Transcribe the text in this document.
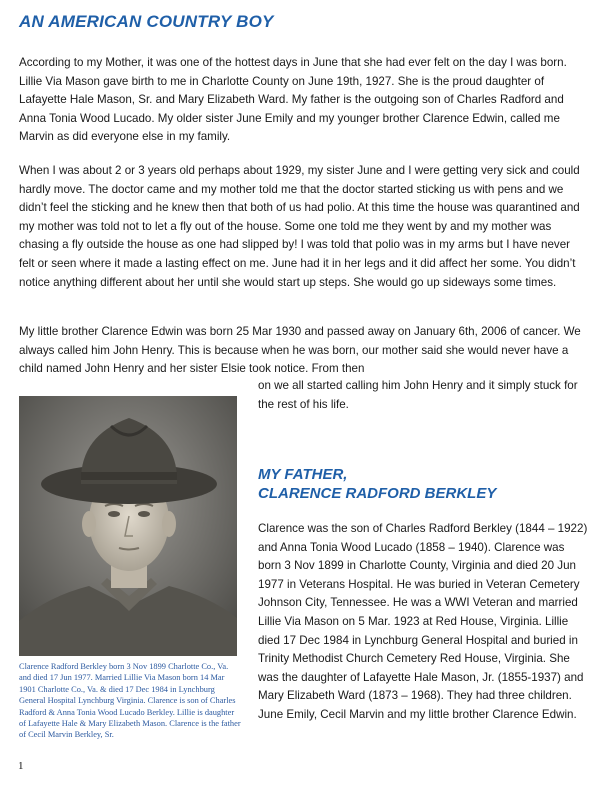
AN AMERICAN COUNTRY BOY

According to my Mother, it was one of the hottest days in June that she had ever felt on the day I was born. Lillie Via Mason gave birth to me in Charlotte County on June 19th, 1927. She is the proud daughter of Lafayette Hale Mason, Sr. and Mary Elizabeth Ward. My father is the outgoing son of Charles Radford and Anna Tonia Wood Lucado. My older sister June Emily and my younger brother Clarence Edwin, called me Marvin as did everyone else in my family.

When I was about 2 or 3 years old perhaps about 1929, my sister June and I were getting very sick and could hardly move. The doctor came and my mother told me that the doctor started sticking us with pens and we didn’t feel the sticking and he knew then that both of us had polio. At this time the house was quarantined and my mother was told not to let a fly out of the house. Some one told me they went by and my mother was chasing a fly outside the house as one had slipped by! I was told that polio was in my arms but I have never felt or seen where it made a lasting effect on me. June had it in her legs and it did affect her some. You didn’t notice anything different about her until she would start up steps. She would go up sideways some times.

My little brother Clarence Edwin was born 25 Mar 1930 and passed away on January 6th, 2006 of cancer. We always called him John Henry. This is because when he was born, our mother said she would never have a child named John Henry and her sister Elsie took notice. From then

on we all started calling him John Henry and it simply stuck for the rest of his life.

Clarence Radford Berkley born 3 Nov 1899 Charlotte Co., Va. and died 17 Jun 1977. Married Lillie Via Mason born 14 Mar 1901 Charlotte Co., Va. & died 17 Dec 1984 in Lynchburg General Hospital Lynchburg Virginia. Clarence is son of Charles Radford & Anna Tonia Wood Lucado Berkley. Lillie is daughter of Lafayette Hale & Mary Elizabeth Mason. Clarence is the father of Cecil Marvin Berkley, Sr.

MY FATHER,
CLARENCE RADFORD BERKLEY

Clarence was the son of Charles Radford Berkley (1844 – 1922) and Anna Tonia Wood Lucado (1858 – 1940). Clarence was born 3 Nov 1899 in Charlotte County, Virginia and died 20 Jun 1977 in Veterans Hospital. He was buried in Veteran Cemetery Johnson City, Tennessee. He was a WWI Veteran and married Lillie Via Mason on 5 Mar. 1923 at Red House, Virginia. Lillie died 17 Dec 1984 in Lynchburg General Hospital and buried in Trinity Methodist Church Cemetery Red House, Virginia. She was the daughter of Lafayette Hale Mason, Jr. (1855-1937) and Mary Elizabeth Ward (1873 – 1968). They had three children. June Emily, Cecil Marvin and my little brother Clarence Edwin.

1
